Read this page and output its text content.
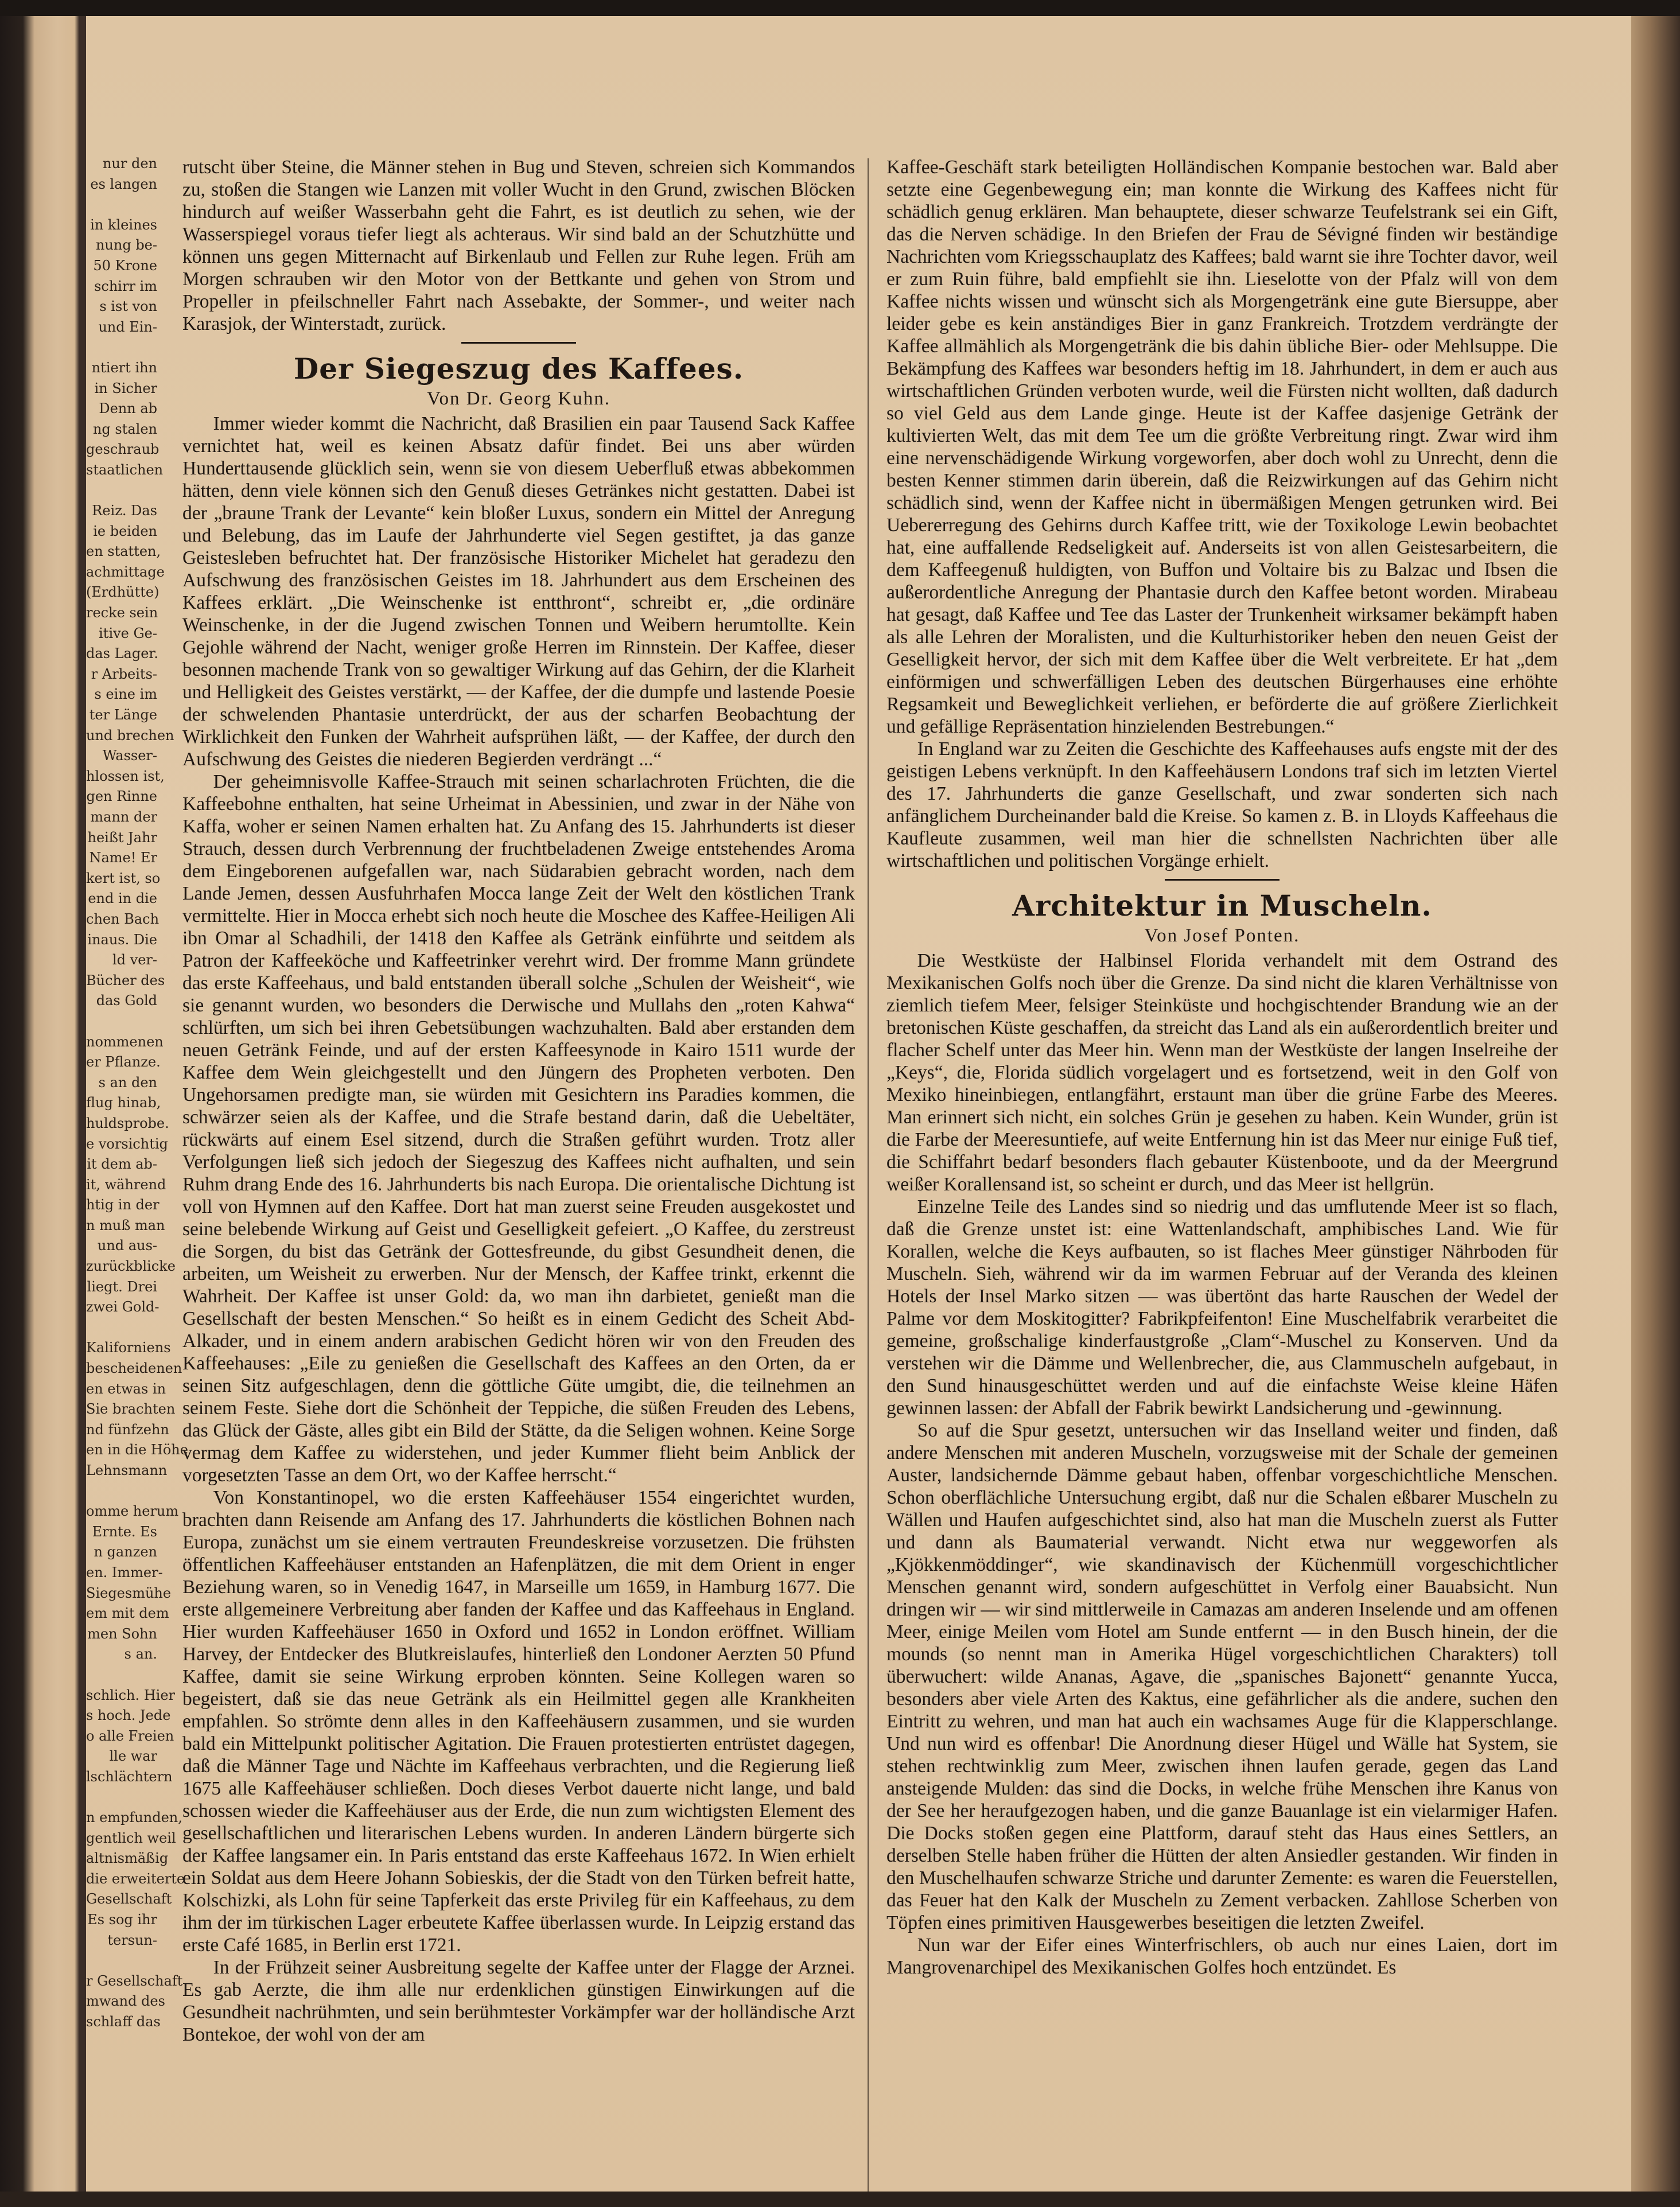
nur den
es langen

in kleines
nung be-
50 Krone
schirr im
s ist von
und Ein-

ntiert ihn
in Sicher
Denn ab
ng stalen
geschraub
staatlichen

Reiz. Das
ie beiden
en statten,
achmittage
(Erdhütte)
recke sein
itive Ge-
das Lager.
r Arbeits-
s eine im
ter Länge
und brechen
Wasser-
hlossen ist,
gen Rinne
mann der
heißt Jahr
Name! Er
kert ist, so
end in die
chen Bach
inaus. Die
ld ver-
Bücher des
das Gold

nommenen
er Pflanze.
s an den
flug hinab,
huldsprobe.
e vorsichtig
it dem ab-
it, während
htig in der
n muß man
und aus-
zurückblicke
liegt. Drei
zwei Gold-

Kaliforniens
bescheidenen
en etwas in
Sie brachten
nd fünfzehn
en in die Höhe
Lehnsmann

omme herum
Ernte. Es
n ganzen
en. Immer-
Siegesmühe
em mit dem
men Sohn
s an.

schlich. Hier
s hoch. Jede
o alle Freien
lle war
lschlächtern

n empfunden,
gentlich weil
altnismäßig
die erweiterte
Gesellschaft
Es sog ihr
tersun-

r Gesellschaft
mwand des
schlaff das

rutscht über Steine, die Männer stehen in Bug und Steven, schreien sich Kommandos zu, stoßen die Stangen wie Lanzen mit voller Wucht in den Grund, zwischen Blöcken hindurch auf weißer Wasserbahn geht die Fahrt, es ist deutlich zu sehen, wie der Wasserspiegel voraus tiefer liegt als achteraus. Wir sind bald an der Schutzhütte und können uns gegen Mitternacht auf Birkenlaub und Fellen zur Ruhe legen. Früh am Morgen schrauben wir den Motor von der Bettkante und gehen von Strom und Propeller in pfeilschneller Fahrt nach Assebakte, der Sommer-, und weiter nach Karasjok, der Winterstadt, zurück.

Der Siegeszug des Kaffees.
Von Dr. Georg Kuhn.

Immer wieder kommt die Nachricht, daß Brasilien ein paar Tausend Sack Kaffee vernichtet hat, weil es keinen Absatz dafür findet. Bei uns aber würden Hunderttausende glücklich sein, wenn sie von diesem Ueberfluß etwas abbekommen hätten, denn viele können sich den Genuß dieses Getränkes nicht gestatten. Dabei ist der „braune Trank der Levante“ kein bloßer Luxus, sondern ein Mittel der Anregung und Belebung, das im Laufe der Jahrhunderte viel Segen gestiftet, ja das ganze Geistesleben befruchtet hat. Der französische Historiker Michelet hat geradezu den Aufschwung des französischen Geistes im 18. Jahrhundert aus dem Erscheinen des Kaffees erklärt. „Die Weinschenke ist entthront“, schreibt er, „die ordinäre Weinschenke, in der die Jugend zwischen Tonnen und Weibern herumtollte. Kein Gejohle während der Nacht, weniger große Herren im Rinnstein. Der Kaffee, dieser besonnen machende Trank von so gewaltiger Wirkung auf das Gehirn, der die Klarheit und Helligkeit des Geistes verstärkt, — der Kaffee, der die dumpfe und lastende Poesie der schwelenden Phantasie unterdrückt, der aus der scharfen Beobachtung der Wirklichkeit den Funken der Wahrheit aufsprühen läßt, — der Kaffee, der durch den Aufschwung des Geistes die niederen Begierden verdrängt ...“

Der geheimnisvolle Kaffee-Strauch mit seinen scharlachroten Früchten, die die Kaffeebohne enthalten, hat seine Urheimat in Abessinien, und zwar in der Nähe von Kaffa, woher er seinen Namen erhalten hat. Zu Anfang des 15. Jahrhunderts ist dieser Strauch, dessen durch Verbrennung der fruchtbeladenen Zweige entstehendes Aroma dem Eingeborenen aufgefallen war, nach Südarabien gebracht worden, nach dem Lande Jemen, dessen Ausfuhrhafen Mocca lange Zeit der Welt den köstlichen Trank vermittelte. Hier in Mocca erhebt sich noch heute die Moschee des Kaffee-Heiligen Ali ibn Omar al Schadhili, der 1418 den Kaffee als Getränk einführte und seitdem als Patron der Kaffeeköche und Kaffeetrinker verehrt wird. Der fromme Mann gründete das erste Kaffeehaus, und bald entstanden überall solche „Schulen der Weisheit“, wie sie genannt wurden, wo besonders die Derwische und Mullahs den „roten Kahwa“ schlürften, um sich bei ihren Gebetsübungen wachzuhalten. Bald aber erstanden dem neuen Getränk Feinde, und auf der ersten Kaffeesynode in Kairo 1511 wurde der Kaffee dem Wein gleichgestellt und den Jüngern des Propheten verboten. Den Ungehorsamen predigte man, sie würden mit Gesichtern ins Paradies kommen, die schwärzer seien als der Kaffee, und die Strafe bestand darin, daß die Uebeltäter, rückwärts auf einem Esel sitzend, durch die Straßen geführt wurden. Trotz aller Verfolgungen ließ sich jedoch der Siegeszug des Kaffees nicht aufhalten, und sein Ruhm drang Ende des 16. Jahrhunderts bis nach Europa. Die orientalische Dichtung ist voll von Hymnen auf den Kaffee. Dort hat man zuerst seine Freuden ausgekostet und seine belebende Wirkung auf Geist und Geselligkeit gefeiert. „O Kaffee, du zerstreust die Sorgen, du bist das Getränk der Gottesfreunde, du gibst Gesundheit denen, die arbeiten, um Weisheit zu erwerben. Nur der Mensch, der Kaffee trinkt, erkennt die Wahrheit. Der Kaffee ist unser Gold: da, wo man ihn darbietet, genießt man die Gesellschaft der besten Menschen.“ So heißt es in einem Gedicht des Scheit Abd-Alkader, und in einem andern arabischen Gedicht hören wir von den Freuden des Kaffeehauses: „Eile zu genießen die Gesellschaft des Kaffees an den Orten, da er seinen Sitz aufgeschlagen, denn die göttliche Güte umgibt, die, die teilnehmen an seinem Feste. Siehe dort die Schönheit der Teppiche, die süßen Freuden des Lebens, das Glück der Gäste, alles gibt ein Bild der Stätte, da die Seligen wohnen. Keine Sorge vermag dem Kaffee zu widerstehen, und jeder Kummer flieht beim Anblick der vorgesetzten Tasse an dem Ort, wo der Kaffee herrscht.“

Von Konstantinopel, wo die ersten Kaffeehäuser 1554 eingerichtet wurden, brachten dann Reisende am Anfang des 17. Jahrhunderts die köstlichen Bohnen nach Europa, zunächst um sie einem vertrauten Freundeskreise vorzusetzen. Die frühsten öffentlichen Kaffeehäuser entstanden an Hafenplätzen, die mit dem Orient in enger Beziehung waren, so in Venedig 1647, in Marseille um 1659, in Hamburg 1677. Die erste allgemeinere Verbreitung aber fanden der Kaffee und das Kaffeehaus in England. Hier wurden Kaffeehäuser 1650 in Oxford und 1652 in London eröffnet. William Harvey, der Entdecker des Blutkreislaufes, hinterließ den Londoner Aerzten 50 Pfund Kaffee, damit sie seine Wirkung erproben könnten. Seine Kollegen waren so begeistert, daß sie das neue Getränk als ein Heilmittel gegen alle Krankheiten empfahlen. So strömte denn alles in den Kaffeehäusern zusammen, und sie wurden bald ein Mittelpunkt politischer Agitation. Die Frauen protestierten entrüstet dagegen, daß die Männer Tage und Nächte im Kaffeehaus verbrachten, und die Regierung ließ 1675 alle Kaffeehäuser schließen. Doch dieses Verbot dauerte nicht lange, und bald schossen wieder die Kaffeehäuser aus der Erde, die nun zum wichtigsten Element des gesellschaftlichen und literarischen Lebens wurden. In anderen Ländern bürgerte sich der Kaffee langsamer ein. In Paris entstand das erste Kaffeehaus 1672. In Wien erhielt ein Soldat aus dem Heere Johann Sobieskis, der die Stadt von den Türken befreit hatte, Kolschizki, als Lohn für seine Tapferkeit das erste Privileg für ein Kaffeehaus, zu dem ihm der im türkischen Lager erbeutete Kaffee überlassen wurde. In Leipzig erstand das erste Café 1685, in Berlin erst 1721.

In der Frühzeit seiner Ausbreitung segelte der Kaffee unter der Flagge der Arznei. Es gab Aerzte, die ihm alle nur erdenklichen günstigen Einwirkungen auf die Gesundheit nachrühmten, und sein berühmtester Vorkämpfer war der holländische Arzt Bontekoe, der wohl von der am

Kaffee-Geschäft stark beteiligten Holländischen Kompanie bestochen war. Bald aber setzte eine Gegenbewegung ein; man konnte die Wirkung des Kaffees nicht für schädlich genug erklären. Man behauptete, dieser schwarze Teufelstrank sei ein Gift, das die Nerven schädige. In den Briefen der Frau de Sévigné finden wir beständige Nachrichten vom Kriegsschauplatz des Kaffees; bald warnt sie ihre Tochter davor, weil er zum Ruin führe, bald empfiehlt sie ihn. Lieselotte von der Pfalz will von dem Kaffee nichts wissen und wünscht sich als Morgengetränk eine gute Biersuppe, aber leider gebe es kein anständiges Bier in ganz Frankreich. Trotzdem verdrängte der Kaffee allmählich als Morgengetränk die bis dahin übliche Bier- oder Mehlsuppe. Die Bekämpfung des Kaffees war besonders heftig im 18. Jahrhundert, in dem er auch aus wirtschaftlichen Gründen verboten wurde, weil die Fürsten nicht wollten, daß dadurch so viel Geld aus dem Lande ginge. Heute ist der Kaffee dasjenige Getränk der kultivierten Welt, das mit dem Tee um die größte Verbreitung ringt. Zwar wird ihm eine nervenschädigende Wirkung vorgeworfen, aber doch wohl zu Unrecht, denn die besten Kenner stimmen darin überein, daß die Reizwirkungen auf das Gehirn nicht schädlich sind, wenn der Kaffee nicht in übermäßigen Mengen getrunken wird. Bei Uebererregung des Gehirns durch Kaffee tritt, wie der Toxikologe Lewin beobachtet hat, eine auffallende Redseligkeit auf. Anderseits ist von allen Geistesarbeitern, die dem Kaffeegenuß huldigten, von Buffon und Voltaire bis zu Balzac und Ibsen die außerordentliche Anregung der Phantasie durch den Kaffee betont worden. Mirabeau hat gesagt, daß Kaffee und Tee das Laster der Trunkenheit wirksamer bekämpft haben als alle Lehren der Moralisten, und die Kulturhistoriker heben den neuen Geist der Geselligkeit hervor, der sich mit dem Kaffee über die Welt verbreitete. Er hat „dem einförmigen und schwerfälligen Leben des deutschen Bürgerhauses eine erhöhte Regsamkeit und Beweglichkeit verliehen, er beförderte die auf größere Zierlichkeit und gefällige Repräsentation hinzielenden Bestrebungen.“

In England war zu Zeiten die Geschichte des Kaffeehauses aufs engste mit der des geistigen Lebens verknüpft. In den Kaffeehäusern Londons traf sich im letzten Viertel des 17. Jahrhunderts die ganze Gesellschaft, und zwar sonderten sich nach anfänglichem Durcheinander bald die Kreise. So kamen z. B. in Lloyds Kaffeehaus die Kaufleute zusammen, weil man hier die schnellsten Nachrichten über alle wirtschaftlichen und politischen Vorgänge erhielt.

Architektur in Muscheln.
Von Josef Ponten.

Die Westküste der Halbinsel Florida verhandelt mit dem Ostrand des Mexikanischen Golfs noch über die Grenze. Da sind nicht die klaren Verhältnisse von ziemlich tiefem Meer, felsiger Steinküste und hochgischtender Brandung wie an der bretonischen Küste geschaffen, da streicht das Land als ein außerordentlich breiter und flacher Schelf unter das Meer hin. Wenn man der Westküste der langen Inselreihe der „Keys“, die, Florida südlich vorgelagert und es fortsetzend, weit in den Golf von Mexiko hineinbiegen, entlangfährt, erstaunt man über die grüne Farbe des Meeres. Man erinnert sich nicht, ein solches Grün je gesehen zu haben. Kein Wunder, grün ist die Farbe der Meeresuntiefe, auf weite Entfernung hin ist das Meer nur einige Fuß tief, die Schiffahrt bedarf besonders flach gebauter Küstenboote, und da der Meergrund weißer Korallensand ist, so scheint er durch, und das Meer ist hellgrün.

Einzelne Teile des Landes sind so niedrig und das umflutende Meer ist so flach, daß die Grenze unstet ist: eine Wattenlandschaft, amphibisches Land. Wie für Korallen, welche die Keys aufbauten, so ist flaches Meer günstiger Nährboden für Muscheln. Sieh, während wir da im warmen Februar auf der Veranda des kleinen Hotels der Insel Marko sitzen — was übertönt das harte Rauschen der Wedel der Palme vor dem Moskitogitter? Fabrikpfeifenton! Eine Muschelfabrik verarbeitet die gemeine, großschalige kinderfaustgroße „Clam“-Muschel zu Konserven. Und da verstehen wir die Dämme und Wellenbrecher, die, aus Clammuscheln aufgebaut, in den Sund hinausgeschüttet werden und auf die einfachste Weise kleine Häfen gewinnen lassen: der Abfall der Fabrik bewirkt Landsicherung und -gewinnung.

So auf die Spur gesetzt, untersuchen wir das Inselland weiter und finden, daß andere Menschen mit anderen Muscheln, vorzugsweise mit der Schale der gemeinen Auster, landsichernde Dämme gebaut haben, offenbar vorgeschichtliche Menschen. Schon oberflächliche Untersuchung ergibt, daß nur die Schalen eßbarer Muscheln zu Wällen und Haufen aufgeschichtet sind, also hat man die Muscheln zuerst als Futter und dann als Baumaterial verwandt. Nicht etwa nur weggeworfen als „Kjökkenmöddinger“, wie skandinavisch der Küchenmüll vorgeschichtlicher Menschen genannt wird, sondern aufgeschüttet in Verfolg einer Bauabsicht. Nun dringen wir — wir sind mittlerweile in Camazas am anderen Inselende und am offenen Meer, einige Meilen vom Hotel am Sunde entfernt — in den Busch hinein, der die mounds (so nennt man in Amerika Hügel vorgeschichtlichen Charakters) toll überwuchert: wilde Ananas, Agave, die „spanisches Bajonett“ genannte Yucca, besonders aber viele Arten des Kaktus, eine gefährlicher als die andere, suchen den Eintritt zu wehren, und man hat auch ein wachsames Auge für die Klapperschlange. Und nun wird es offenbar! Die Anordnung dieser Hügel und Wälle hat System, sie stehen rechtwinklig zum Meer, zwischen ihnen laufen gerade, gegen das Land ansteigende Mulden: das sind die Docks, in welche frühe Menschen ihre Kanus von der See her heraufgezogen haben, und die ganze Bauanlage ist ein vielarmiger Hafen. Die Docks stoßen gegen eine Plattform, darauf steht das Haus eines Settlers, an derselben Stelle haben früher die Hütten der alten Ansiedler gestanden. Wir finden in den Muschelhaufen schwarze Striche und darunter Zemente: es waren die Feuerstellen, das Feuer hat den Kalk der Muscheln zu Zement verbacken. Zahllose Scherben von Töpfen eines primitiven Hausgewerbes beseitigen die letzten Zweifel.

Nun war der Eifer eines Winterfrischlers, ob auch nur eines Laien, dort im Mangrovenarchipel des Mexikanischen Golfes hoch entzündet. Es
